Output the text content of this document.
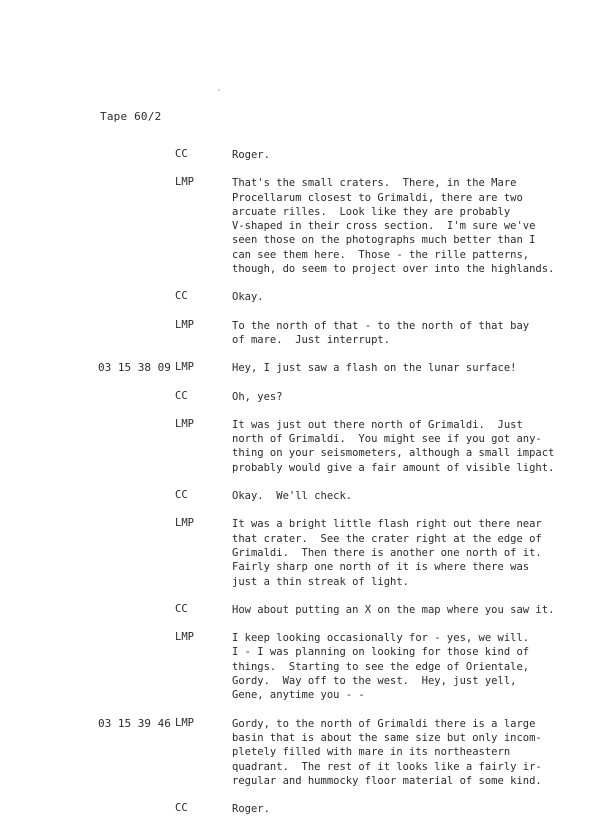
Tape 60/2
CC	Roger.
LMP	That's the small craters.  There, in the Mare
Procellarum closest to Grimaldi, there are two
arcuate rilles.  Look like they are probably
V-shaped in their cross section.  I'm sure we've
seen those on the photographs much better than I
can see them here.  Those - the rille patterns,
though, do seem to project over into the highlands.
CC	Okay.
LMP	To the north of that - to the north of that bay
of mare.  Just interrupt.
03 15 38 09 LMP	Hey, I just saw a flash on the lunar surface!
CC	Oh, yes?
LMP	It was just out there north of Grimaldi.  Just
north of Grimaldi.  You might see if you got any-
thing on your seismometers, although a small impact
probably would give a fair amount of visible light.
CC	Okay.  We'll check.
LMP	It was a bright little flash right out there near
that crater.  See the crater right at the edge of
Grimaldi.  Then there is another one north of it.
Fairly sharp one north of it is where there was
just a thin streak of light.
CC	How about putting an X on the map where you saw it.
LMP	I keep looking occasionally for - yes, we will.
I - I was planning on looking for those kind of
things.  Starting to see the edge of Orientale,
Gordy.  Way off to the west.  Hey, just yell,
Gene, anytime you - -
03 15 39 46 LMP	Gordy, to the north of Grimaldi there is a large
basin that is about the same size but only incom-
pletely filled with mare in its northeastern
quadrant.  The rest of it looks like a fairly ir-
regular and hummocky floor material of some kind.
CC	Roger.
